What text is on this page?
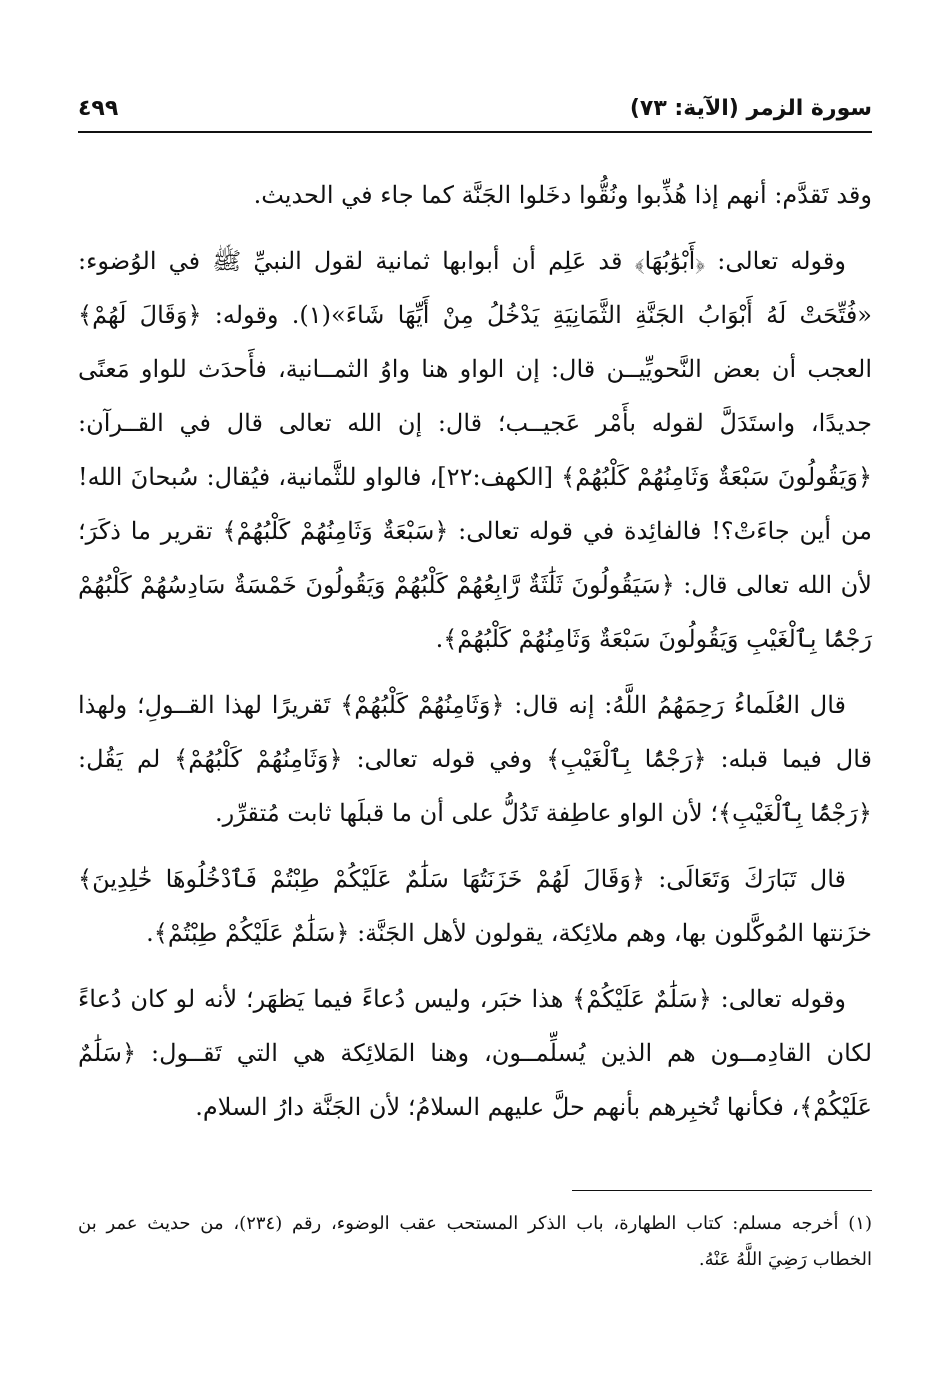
سورة الزمر (الآية: ٧٣)
٤٩٩

وقد تَقدَّم: أنهم إذا هُذِّبوا ونُقُّوا دخَلوا الجَنَّة كما جاء في الحديث.

وقوله تعالى: ﴿أَبْوَٰبُهَا﴾ قد عَلِم أن أبوابها ثمانية لقول النبيِّ ﷺ في الوُضوء: «فُتِّحَتْ لَهُ أَبْوَابُ الجَنَّةِ الثَّمَانِيَةِ يَدْخُلُ مِنْ أَيِّهَا شَاءَ»(١). وقوله: ﴿وَقَالَ لَهُمْ﴾ العجب أن بعض النَّحويِّيــن قال: إن الواو هنا واوُ الثمــانية، فأَحدَث للواو مَعنًى جديدًا، واستَدَلَّ لقوله بأَمْر عَجيــب؛ قال: إن الله تعالى قال في القــرآن: ﴿وَيَقُولُونَ سَبْعَةٌ وَثَامِنُهُمْ كَلْبُهُمْ﴾ [الكهف:٢٢]، فالواو للثَّمانية، فيُقال: سُبحانَ الله! من أين جاءَتْ؟! فالفائِدة في قوله تعالى: ﴿سَبْعَةٌ وَثَامِنُهُمْ كَلْبُهُمْ﴾ تقرير ما ذكَرَ؛ لأن الله تعالى قال: ﴿سَيَقُولُونَ ثَلَٰثَةٌ رَّابِعُهُمْ كَلْبُهُمْ وَيَقُولُونَ خَمْسَةٌ سَادِسُهُمْ كَلْبُهُمْ رَجْمًۢا بِٱلْغَيْبِ وَيَقُولُونَ سَبْعَةٌ وَثَامِنُهُمْ كَلْبُهُمْ﴾.

قال العُلَماءُ رَحِمَهُمُ اللَّهُ: إنه قال: ﴿وَثَامِنُهُمْ كَلْبُهُمْ﴾ تَقريرًا لهذا القــولِ؛ ولهذا قال فيما قبله: ﴿رَجْمًۢا بِٱلْغَيْبِ﴾ وفي قوله تعالى: ﴿وَثَامِنُهُمْ كَلْبُهُمْ﴾ لم يَقُل: ﴿رَجْمًۢا بِٱلْغَيْبِ﴾؛ لأن الواو عاطِفة تَدُلُّ على أن ما قبلَها ثابت مُتقرِّر.

قال تَبَارَكَ وَتَعَالَى: ﴿وَقَالَ لَهُمْ خَزَنَتُهَا سَلَٰمٌ عَلَيْكُمْ طِبْتُمْ فَٱدْخُلُوهَا خَٰلِدِينَ﴾ خزَنتها المُوكَّلون بها، وهم ملائِكة، يقولون لأهل الجَنَّة: ﴿سَلَٰمٌ عَلَيْكُمْ طِبْتُمْ﴾.

وقوله تعالى: ﴿سَلَٰمٌ عَلَيْكُمْ﴾ هذا خبَر، وليس دُعاءً فيما يَظهَر؛ لأنه لو كان دُعاءً لكان القادِمــون هم الذين يُسلِّمــون، وهنا المَلائِكة هي التي تَقــول: ﴿سَلَٰمٌ عَلَيْكُمْ﴾، فكأنها تُخبِرهم بأنهم حلَّ عليهم السلامُ؛ لأن الجَنَّة دارُ السلام.

(١) أخرجه مسلم: كتاب الطهارة، باب الذكر المستحب عقب الوضوء، رقم (٢٣٤)، من حديث عمر بن الخطاب رَضِيَ اللَّهُ عَنْهُ.
